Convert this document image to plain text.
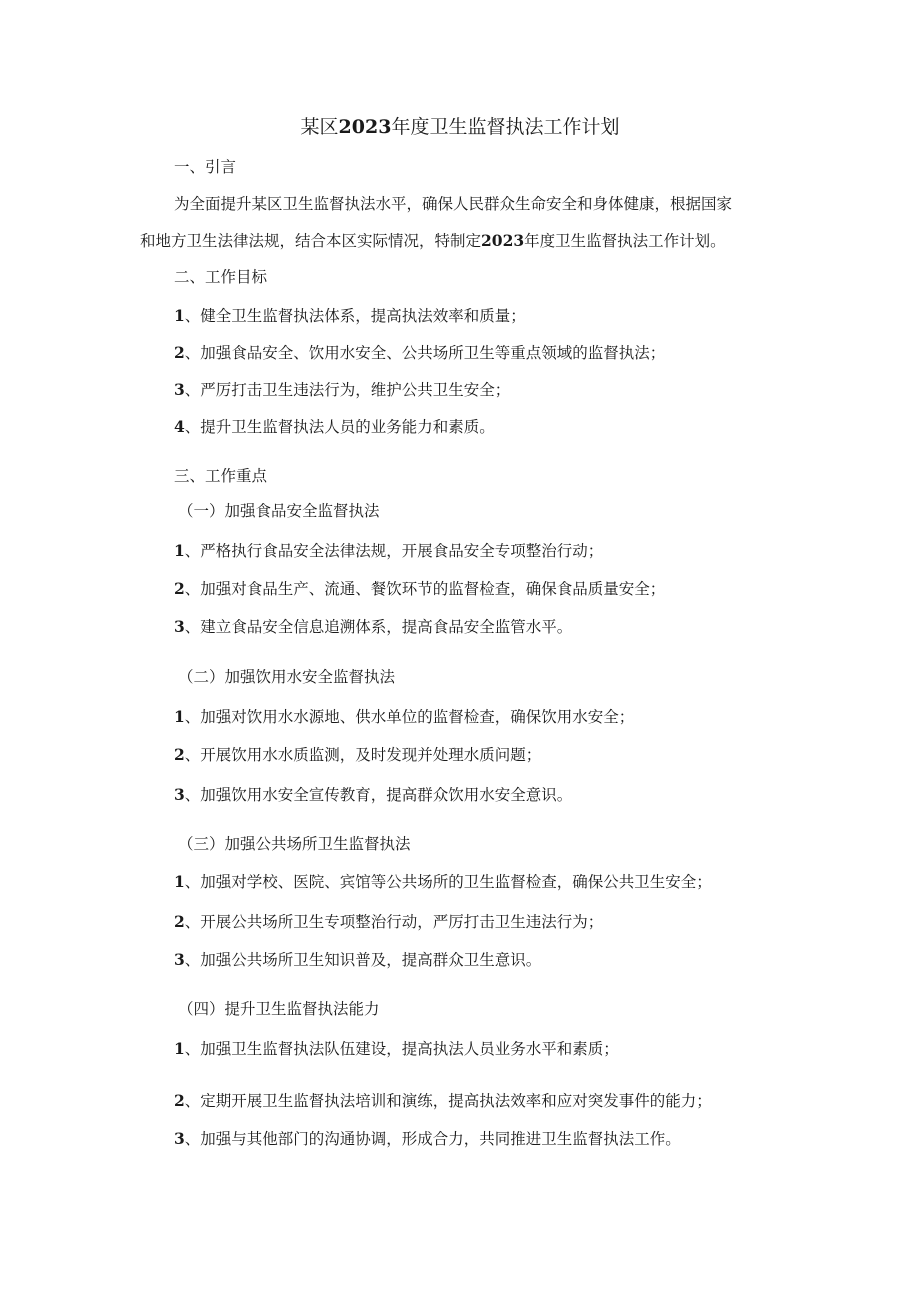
某区2023年度卫生监督执法工作计划
一、引言
为全面提升某区卫生监督执法水平，确保人民群众生命安全和身体健康，根据国家
和地方卫生法律法规，结合本区实际情况，特制定2023年度卫生监督执法工作计划。
二、工作目标
1、健全卫生监督执法体系，提高执法效率和质量；
2、加强食品安全、饮用水安全、公共场所卫生等重点领域的监督执法；
3、严厉打击卫生违法行为，维护公共卫生安全；
4、提升卫生监督执法人员的业务能力和素质。
三、工作重点
（一）加强食品安全监督执法
1、严格执行食品安全法律法规，开展食品安全专项整治行动；
2、加强对食品生产、流通、餐饮环节的监督检查，确保食品质量安全；
3、建立食品安全信息追溯体系，提高食品安全监管水平。
（二）加强饮用水安全监督执法
1、加强对饮用水水源地、供水单位的监督检查，确保饮用水安全；
2、开展饮用水水质监测，及时发现并处理水质问题；
3、加强饮用水安全宣传教育，提高群众饮用水安全意识。
（三）加强公共场所卫生监督执法
1、加强对学校、医院、宾馆等公共场所的卫生监督检查，确保公共卫生安全；
2、开展公共场所卫生专项整治行动，严厉打击卫生违法行为；
3、加强公共场所卫生知识普及，提高群众卫生意识。
（四）提升卫生监督执法能力
1、加强卫生监督执法队伍建设，提高执法人员业务水平和素质；
2、定期开展卫生监督执法培训和演练，提高执法效率和应对突发事件的能力；
3、加强与其他部门的沟通协调，形成合力，共同推进卫生监督执法工作。
